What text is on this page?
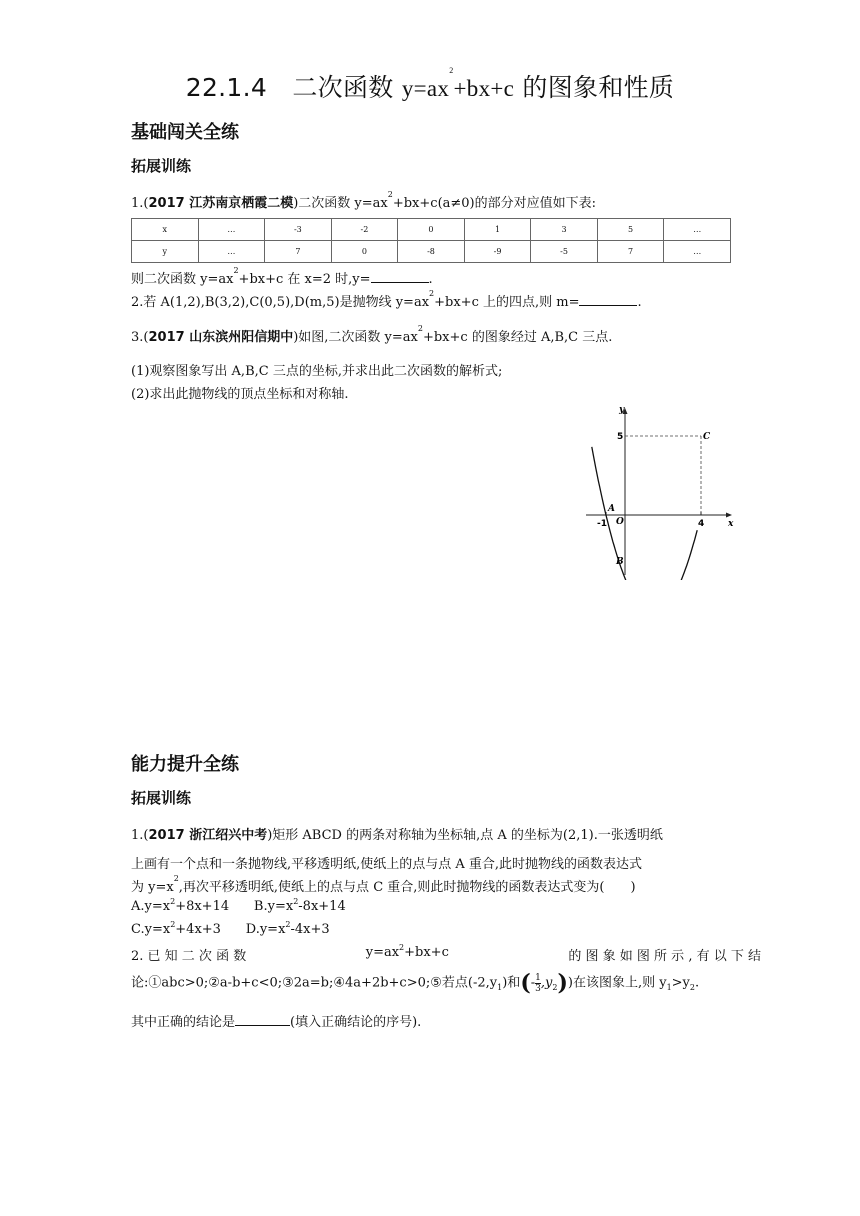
22.1.4　二次函数 $y=ax^2+bx+c$ 的图象和性质
基础闯关全练
拓展训练
1.(2017 江苏南京栖霞二模)二次函数 $y=ax^2+bx+c(a\ne 0)$的部分对应值如下表:
x	…	-3	-2	0	1	3	5	…
y	…	7	0	-8	-9	-5	7	…
则二次函数 $y=ax^2+bx+c$ 在 x=2 时,y=	.
2.若 A(1,2),B(3,2),C(0,5),D(m,5)是抛物线 $y=ax^2+bx+c$ 上的四点,则 m=	.
3.(2017 山东滨州阳信期中)如图,二次函数 $y=ax^2+bx+c$ 的图象经过 A,B,C 三点.
(1)观察图象写出 A,B,C 三点的坐标,并求出此二次函数的解析式;
(2)求出此抛物线的顶点坐标和对称轴.
y
x
O
5
4
-1
A
B
C
能力提升全练
拓展训练
1.(2017 浙江绍兴中考)矩形 ABCD 的两条对称轴为坐标轴,点 A 的坐标为(2,1).一张透明纸
上画有一个点和一条抛物线,平移透明纸,使纸上的点与点 A 重合,此时抛物线的函数表达式
为 $y=x^2$,再次平移透明纸,使纸上的点与点 C 重合,则此时抛物线的函数表达式变为(　　)
$A.y=x^2+8x+14$ $B.y=x^2-8x+14$
$C.y=x^2+4x+3$ $D.y=x^2-4x+3$
2. 已 知 二 次 函 数	$y=ax^2+bx+c$	的 图 象 如 图 所 示 , 有 以 下 结
论:①abc>0;②a-b+c<0;③2a=b;④4a+2b+c>0;⑤若点$(-2,y_1)$和(- $\frac{1}{3} ,y_2$))在该图象上,则 $y_1>y_2$.
其中正确的结论是	(填入正确结论的序号).
